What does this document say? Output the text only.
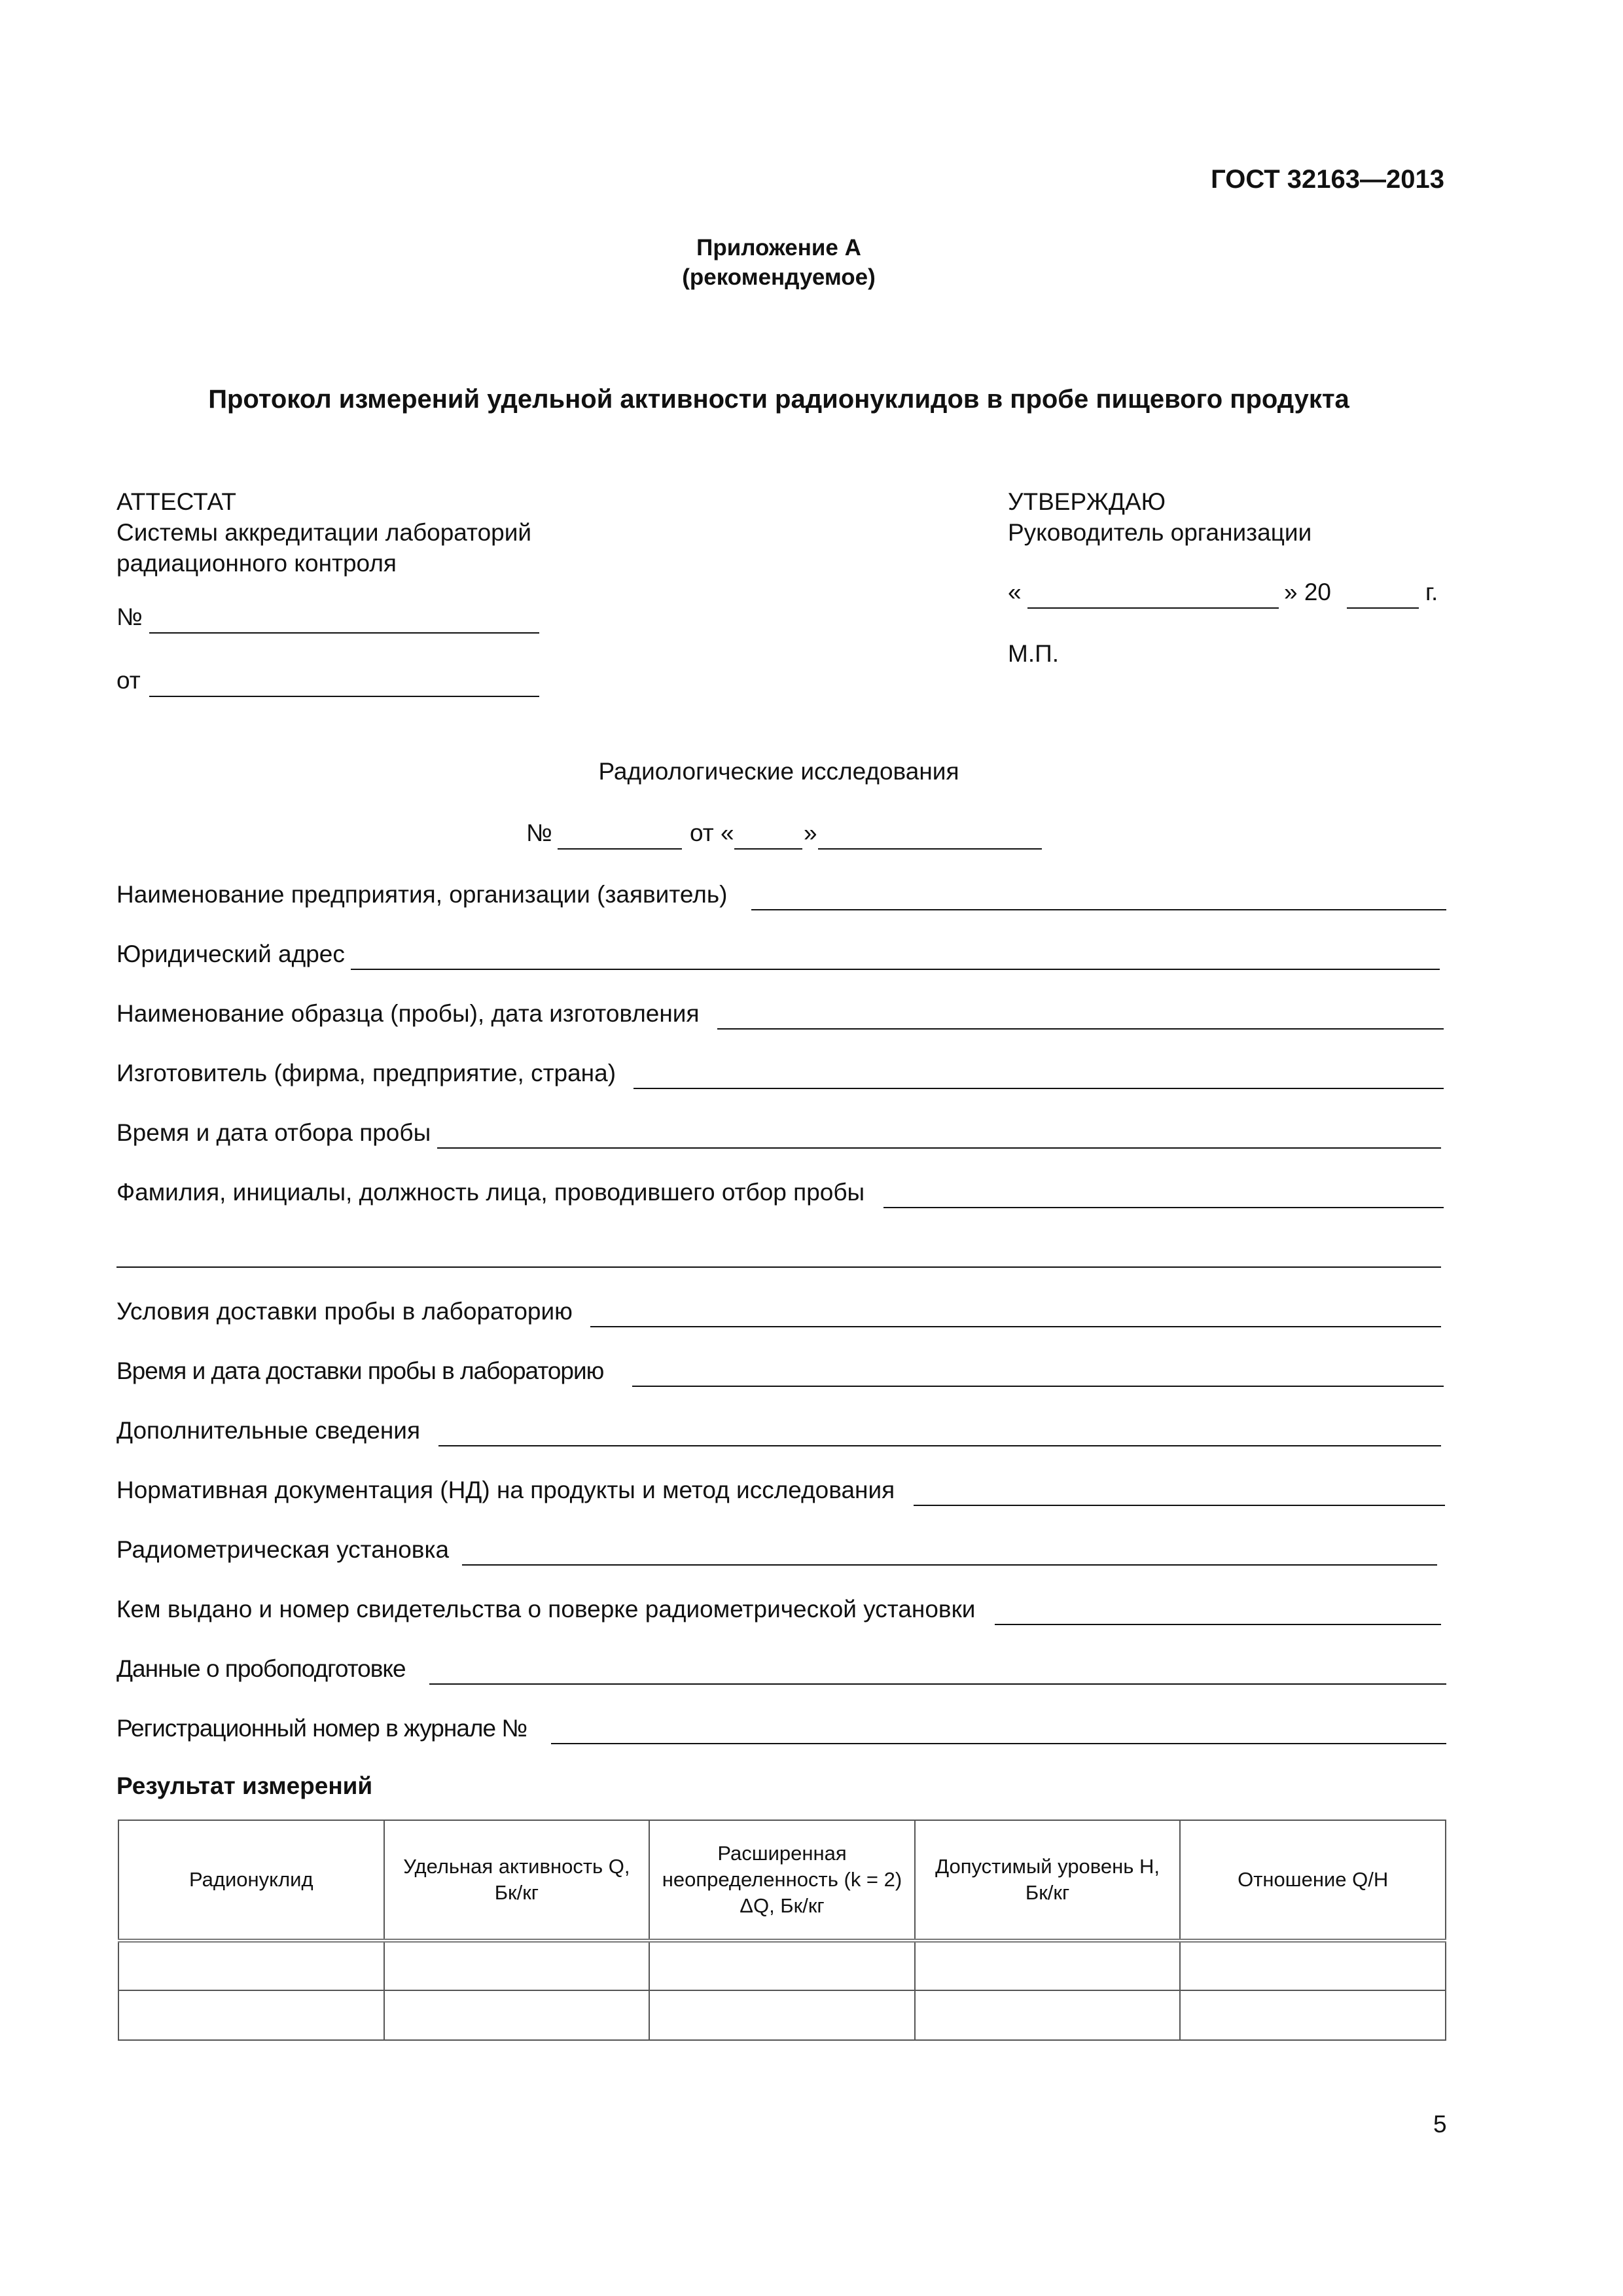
ГОСТ 32163—2013
Приложение А
(рекомендуемое)
Протокол измерений удельной активности радионуклидов в пробе пищевого продукта
АТТЕСТАТ
Системы аккредитации лабораторий
радиационного контроля
№
от
УТВЕРЖДАЮ
Руководитель организации
«	» 20	г.
М.П.
Радиологические исследования
№	от «	»
Наименование предприятия, организации (заявитель)
Юридический адрес
Наименование образца (пробы), дата изготовления
Изготовитель (фирма, предприятие, страна)
Время и дата отбора пробы
Фамилия, инициалы, должность лица, проводившего отбор пробы
Условия доставки пробы в лабораторию
Время и дата доставки пробы в лабораторию
Дополнительные сведения
Нормативная документация (НД) на продукты и метод исследования
Радиометрическая установка
Кем выдано и номер свидетельства о поверке радиометрической установки
Данные о пробоподготовке
Регистрационный номер в журнале №
Результат измерений
Радионуклид	Удельная активность Q, Бк/кг	Расширенная неопределенность (k = 2) ΔQ, Бк/кг	Допустимый уровень H, Бк/кг	Отношение Q/H

5
